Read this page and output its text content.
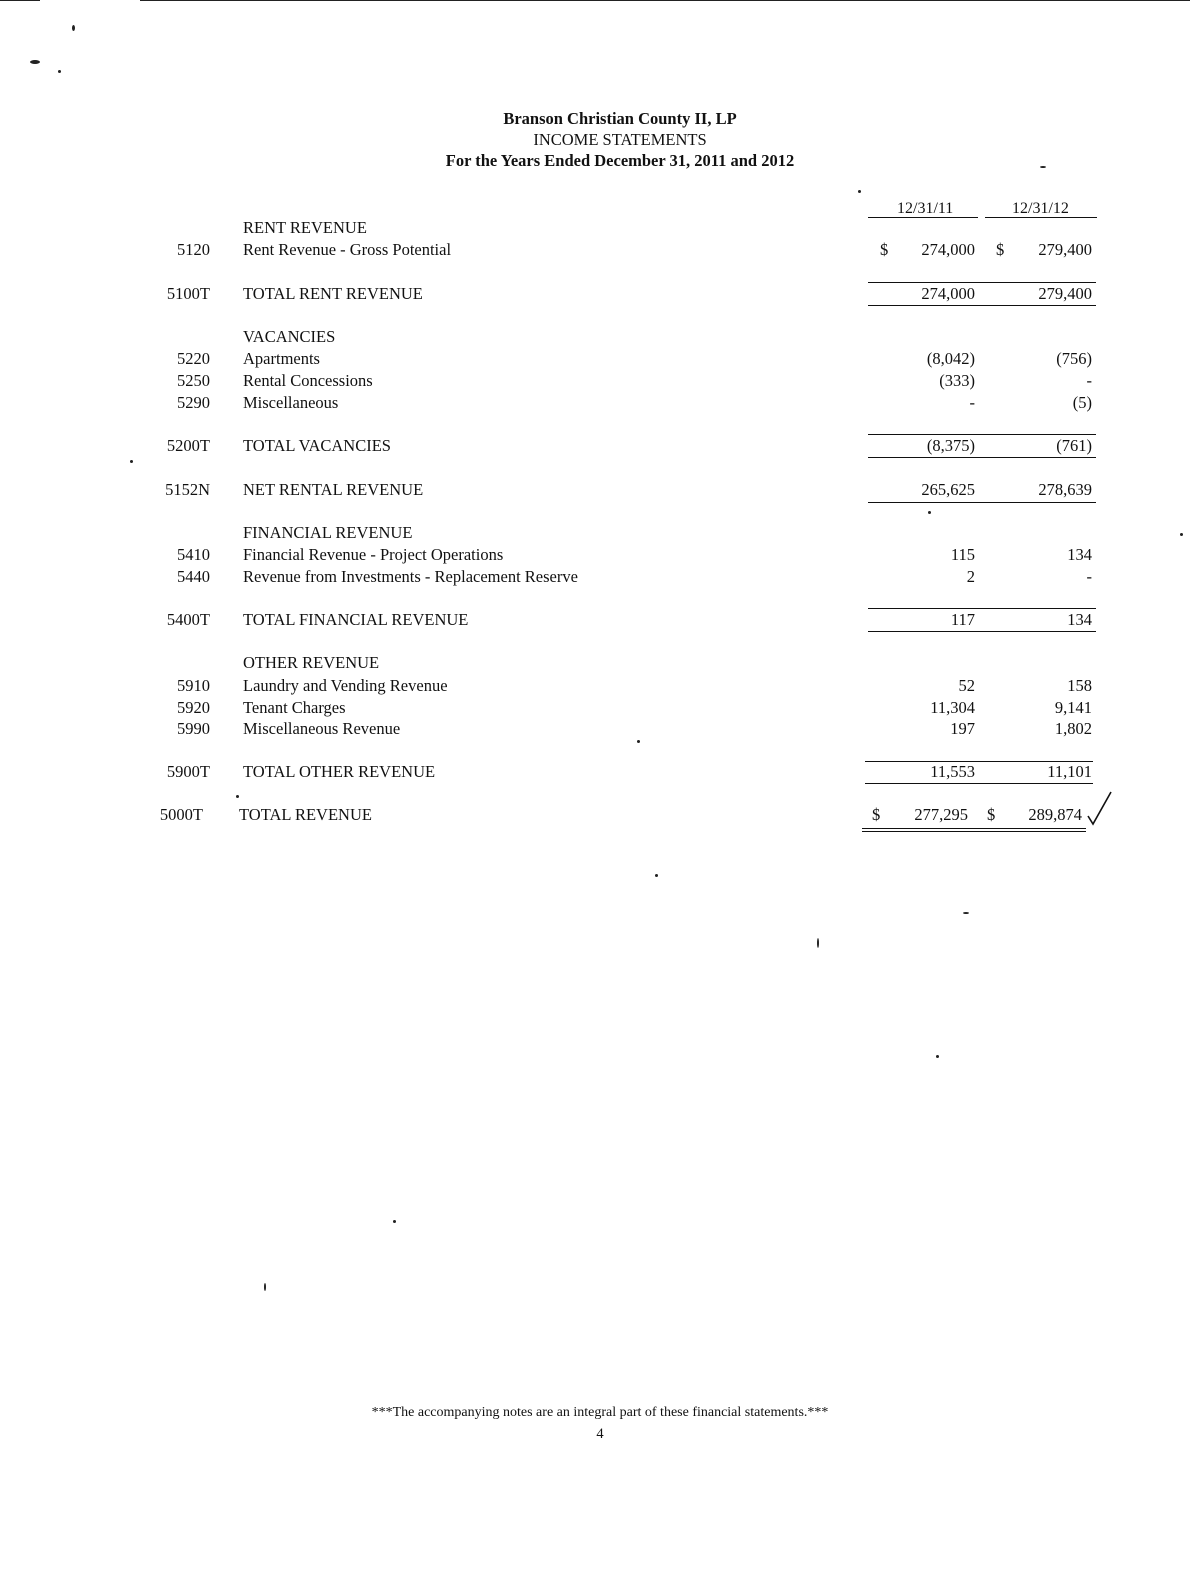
Branson Christian County II, LP
INCOME STATEMENTS
For the Years Ended December 31, 2011 and 2012
12/31/11	12/31/12
RENT REVENUE
5120 Rent Revenue - Gross Potential	$ 274,000 $ 279,400
5100T TOTAL RENT REVENUE	274,000	279,400
VACANCIES
5220 Apartments	(8,042)	(756)
5250 Rental Concessions	(333)	-
5290 Miscellaneous	-	(5)
5200T TOTAL VACANCIES	(8,375)	(761)
5152N NET RENTAL REVENUE	265,625	278,639
FINANCIAL REVENUE
5410 Financial Revenue - Project Operations	115	134
5440 Revenue from Investments - Replacement Reserve	2	-
5400T TOTAL FINANCIAL REVENUE	117	134
OTHER REVENUE
5910 Laundry and Vending Revenue	52	158
5920 Tenant Charges	11,304	9,141
5990 Miscellaneous Revenue	197	1,802
5900T TOTAL OTHER REVENUE	11,553	11,101
5000T TOTAL REVENUE	$ 277,295 $ 289,874
***The accompanying notes are an integral part of these financial statements.***
4
